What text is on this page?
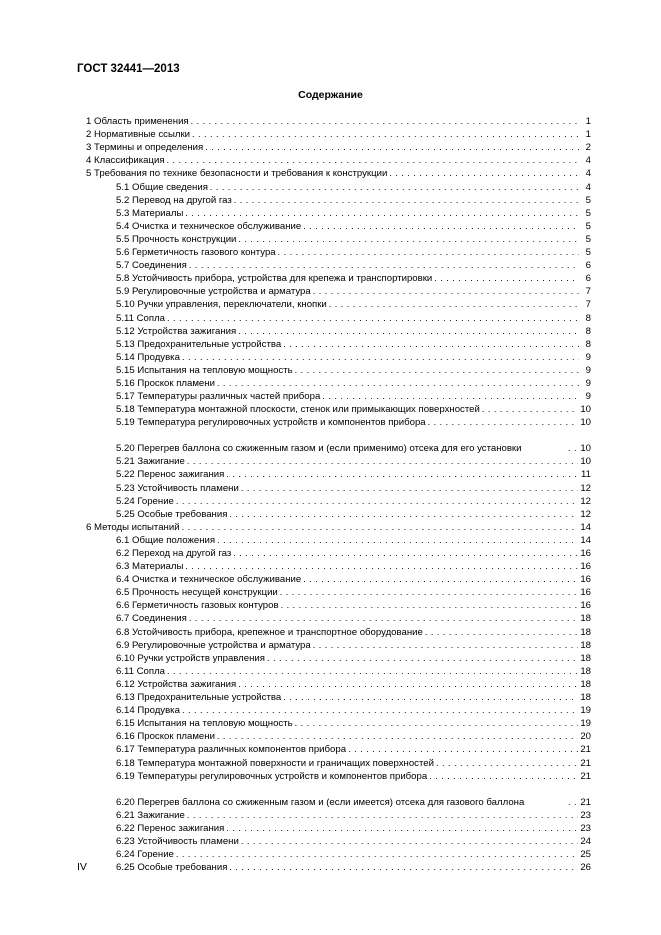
ГОСТ 32441—2013
Содержание
1 Область применения . . .	1
2 Нормативные ссылки . . .	1
3 Термины и определения . . .	2
4 Классификация . . .	4
5 Требования по технике безопасности и требования к конструкции . . .	4
5.1 Общие сведения . . .	4
5.2 Перевод на другой газ . . .	5
5.3 Материалы . . .	5
5.4 Очистка и техническое обслуживание . . .	5
5.5 Прочность конструкции . . .	5
5.6 Герметичность газового контура . . .	5
5.7 Соединения . . .	6
5.8 Устойчивость прибора, устройства для крепежа и транспортировки . . .	6
5.9 Регулировочные устройства и арматура . . .	7
5.10 Ручки управления, переключатели, кнопки . . .	7
5.11 Сопла . . .	8
5.12 Устройства зажигания . . .	8
5.13 Предохранительные устройства . . .	8
5.14 Продувка . . .	9
5.15 Испытания на тепловую мощность . . .	9
5.16 Проскок пламени . . .	9
5.17 Температуры различных частей прибора . . .	9
5.18 Температура монтажной плоскости, стенок или примыкающих поверхностей . . .	10
5.19 Температура регулировочных устройств и компонентов прибора . . .	10
5.20 Перегрев баллона со сжиженным газом и (если применимо) отсека для его установки . . .	10
5.21 Зажигание . . .	10
5.22 Перенос зажигания . . .	11
5.23 Устойчивость пламени . . .	12
5.24 Горение . . .	12
5.25 Особые требования . . .	12
6 Методы испытаний . . .	14
6.1 Общие положения . . .	14
6.2 Переход на другой газ . . .	16
6.3 Материалы . . .	16
6.4 Очистка и техническое обслуживание . . .	16
6.5 Прочность несущей конструкции . . .	16
6.6 Герметичность газовых контуров . . .	16
6.7 Соединения . . .	18
6.8 Устойчивость прибора, крепежное и транспортное оборудование . . .	18
6.9 Регулировочные устройства и арматура . . .	18
6.10 Ручки устройств управления . . .	18
6.11 Сопла . . .	18
6.12 Устройства зажигания . . .	18
6.13 Предохранительные устройства . . .	18
6.14 Продувка . . .	19
6.15 Испытания на тепловую мощность . . .	19
6.16 Проскок пламени . . .	20
6.17 Температура различных компонентов прибора . . .	21
6.18 Температура монтажной поверхности и граничащих поверхностей . . .	21
6.19 Температуры регулировочных устройств и компонентов прибора . . .	21
6.20 Перегрев баллона со сжиженным газом и (если имеется) отсека для газового баллона . . .	21
6.21 Зажигание . . .	23
6.22 Перенос зажигания . . .	23
6.23 Устойчивость пламени . . .	24
6.24 Горение . . .	25
6.25 Особые требования . . .	26
IV
